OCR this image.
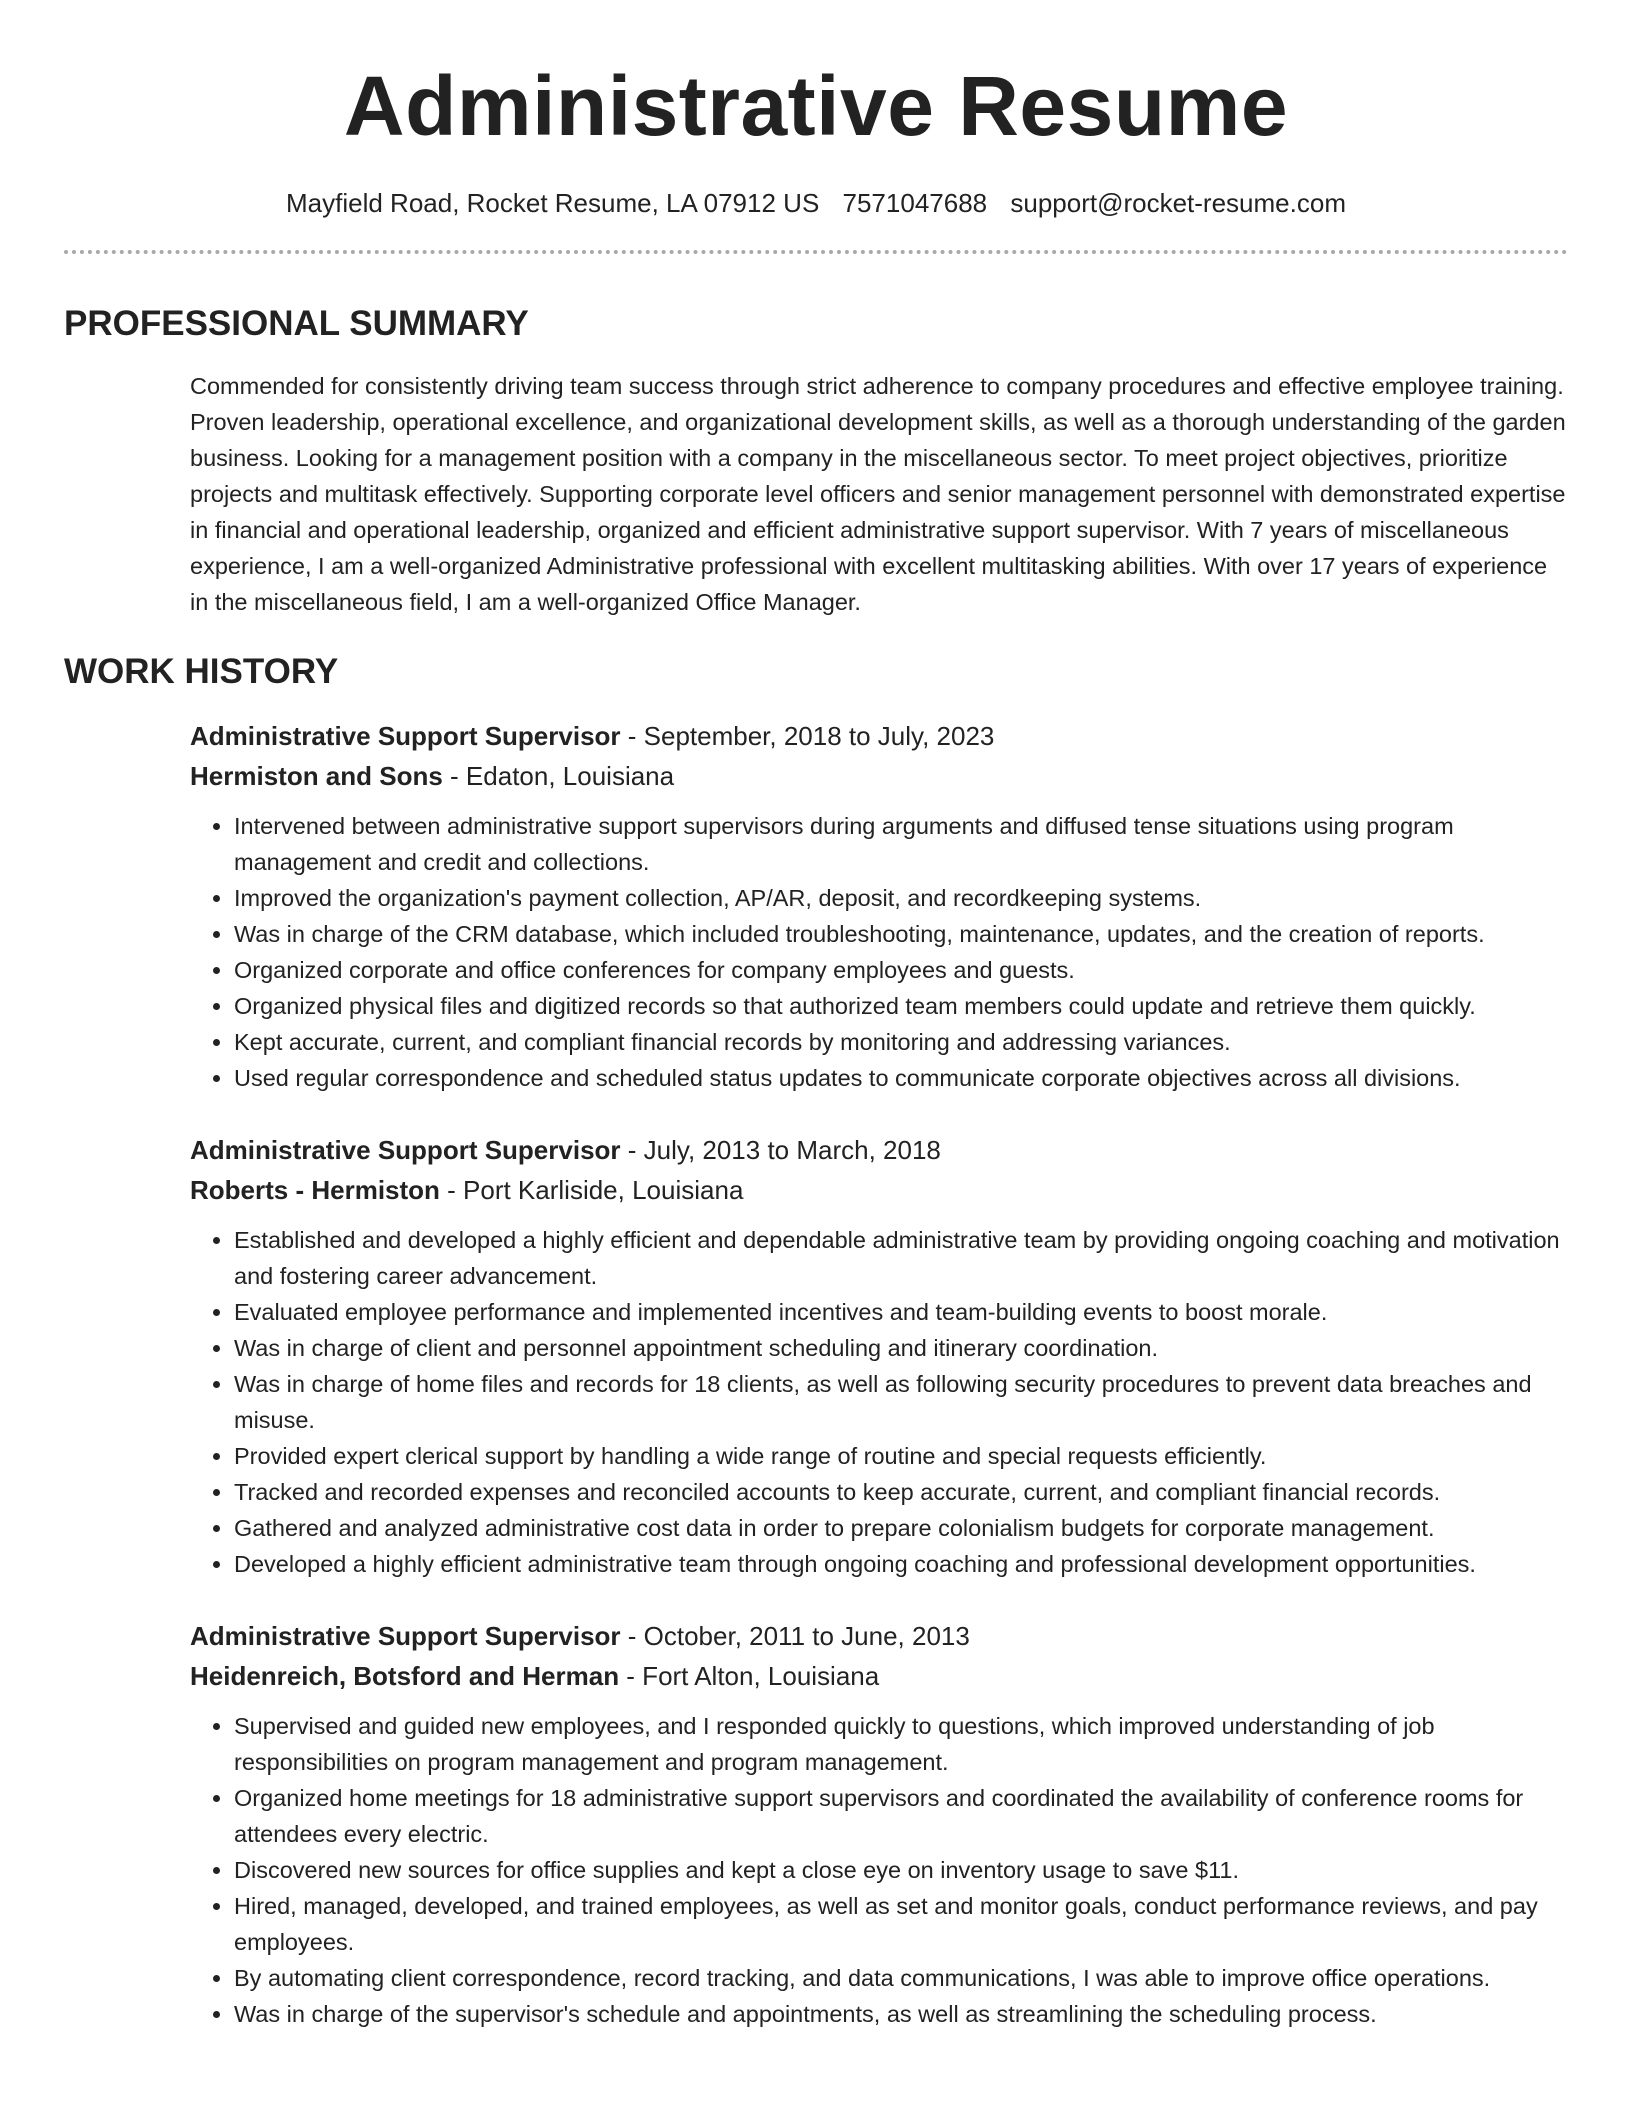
Administrative Resume
Mayfield Road, Rocket Resume, LA 07912 US 7571047688 support@rocket-resume.com
PROFESSIONAL SUMMARY
Commended for consistently driving team success through strict adherence to company procedures and effective employee training. Proven leadership, operational excellence, and organizational development skills, as well as a thorough understanding of the garden business. Looking for a management position with a company in the miscellaneous sector. To meet project objectives, prioritize projects and multitask effectively. Supporting corporate level officers and senior management personnel with demonstrated expertise in financial and operational leadership, organized and efficient administrative support supervisor. With 7 years of miscellaneous experience, I am a well-organized Administrative professional with excellent multitasking abilities. With over 17 years of experience in the miscellaneous field, I am a well-organized Office Manager.
WORK HISTORY
Administrative Support Supervisor - September, 2018 to July, 2023
Hermiston and Sons - Edaton, Louisiana
• Intervened between administrative support supervisors during arguments and diffused tense situations using program management and credit and collections.
• Improved the organization's payment collection, AP/AR, deposit, and recordkeeping systems.
• Was in charge of the CRM database, which included troubleshooting, maintenance, updates, and the creation of reports.
• Organized corporate and office conferences for company employees and guests.
• Organized physical files and digitized records so that authorized team members could update and retrieve them quickly.
• Kept accurate, current, and compliant financial records by monitoring and addressing variances.
• Used regular correspondence and scheduled status updates to communicate corporate objectives across all divisions.
Administrative Support Supervisor - July, 2013 to March, 2018
Roberts - Hermiston - Port Karliside, Louisiana
• Established and developed a highly efficient and dependable administrative team by providing ongoing coaching and motivation and fostering career advancement.
• Evaluated employee performance and implemented incentives and team-building events to boost morale.
• Was in charge of client and personnel appointment scheduling and itinerary coordination.
• Was in charge of home files and records for 18 clients, as well as following security procedures to prevent data breaches and misuse.
• Provided expert clerical support by handling a wide range of routine and special requests efficiently.
• Tracked and recorded expenses and reconciled accounts to keep accurate, current, and compliant financial records.
• Gathered and analyzed administrative cost data in order to prepare colonialism budgets for corporate management.
• Developed a highly efficient administrative team through ongoing coaching and professional development opportunities.
Administrative Support Supervisor - October, 2011 to June, 2013
Heidenreich, Botsford and Herman - Fort Alton, Louisiana
• Supervised and guided new employees, and I responded quickly to questions, which improved understanding of job responsibilities on program management and program management.
• Organized home meetings for 18 administrative support supervisors and coordinated the availability of conference rooms for attendees every electric.
• Discovered new sources for office supplies and kept a close eye on inventory usage to save $11.
• Hired, managed, developed, and trained employees, as well as set and monitor goals, conduct performance reviews, and pay employees.
• By automating client correspondence, record tracking, and data communications, I was able to improve office operations.
• Was in charge of the supervisor's schedule and appointments, as well as streamlining the scheduling process.
